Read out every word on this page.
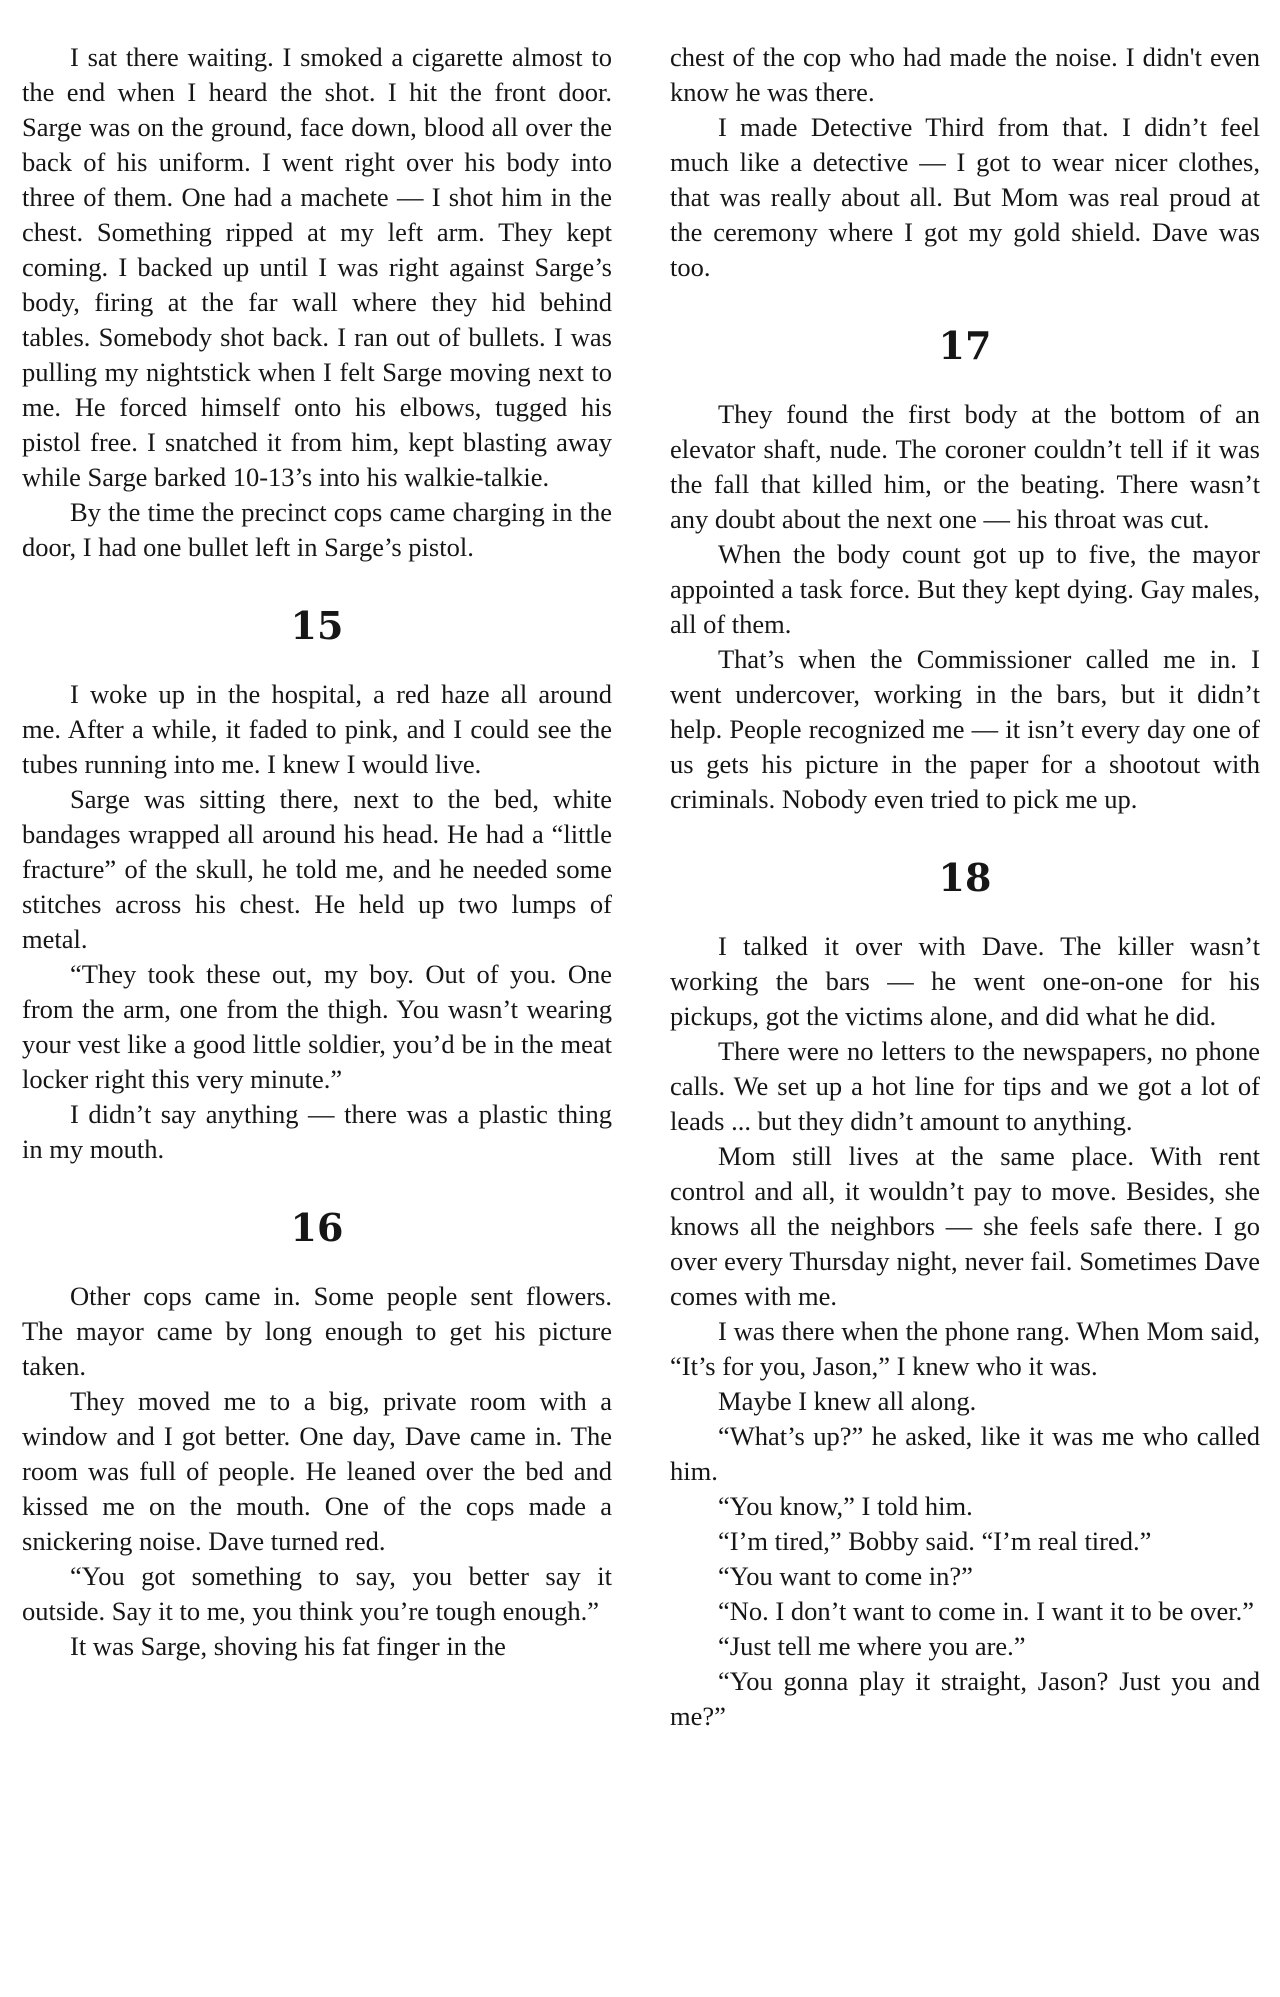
I sat there waiting. I smoked a cigarette almost to the end when I heard the shot. I hit the front door. Sarge was on the ground, face down, blood all over the back of his uniform. I went right over his body into three of them. One had a machete — I shot him in the chest. Something ripped at my left arm. They kept coming. I backed up until I was right against Sarge’s body, firing at the far wall where they hid behind tables. Somebody shot back. I ran out of bullets. I was pulling my nightstick when I felt Sarge moving next to me. He forced himself onto his elbows, tugged his pistol free. I snatched it from him, kept blasting away while Sarge barked 10-13’s into his walkie-talkie.

By the time the precinct cops came charging in the door, I had one bullet left in Sarge’s pistol.

15

I woke up in the hospital, a red haze all around me. After a while, it faded to pink, and I could see the tubes running into me. I knew I would live.

Sarge was sitting there, next to the bed, white bandages wrapped all around his head. He had a “little fracture” of the skull, he told me, and he needed some stitches across his chest. He held up two lumps of metal.

“They took these out, my boy. Out of you. One from the arm, one from the thigh. You wasn’t wearing your vest like a good little soldier, you’d be in the meat locker right this very minute.”

I didn’t say anything — there was a plastic thing in my mouth.

16

Other cops came in. Some people sent flowers. The mayor came by long enough to get his picture taken.

They moved me to a big, private room with a window and I got better. One day, Dave came in. The room was full of people. He leaned over the bed and kissed me on the mouth. One of the cops made a snickering noise. Dave turned red.

“You got something to say, you better say it outside. Say it to me, you think you’re tough enough.”

It was Sarge, shoving his fat finger in the

chest of the cop who had made the noise. I didn't even know he was there.

I made Detective Third from that. I didn’t feel much like a detective — I got to wear nicer clothes, that was really about all. But Mom was real proud at the ceremony where I got my gold shield. Dave was too.

17

They found the first body at the bottom of an elevator shaft, nude. The coroner couldn’t tell if it was the fall that killed him, or the beating. There wasn’t any doubt about the next one — his throat was cut.

When the body count got up to five, the mayor appointed a task force. But they kept dying. Gay males, all of them.

That’s when the Commissioner called me in. I went undercover, working in the bars, but it didn’t help. People recognized me — it isn’t every day one of us gets his picture in the paper for a shootout with criminals. Nobody even tried to pick me up.

18

I talked it over with Dave. The killer wasn’t working the bars — he went one-on-one for his pickups, got the victims alone, and did what he did.

There were no letters to the newspapers, no phone calls. We set up a hot line for tips and we got a lot of leads ... but they didn’t amount to anything.

Mom still lives at the same place. With rent control and all, it wouldn’t pay to move. Besides, she knows all the neighbors — she feels safe there. I go over every Thursday night, never fail. Sometimes Dave comes with me.

I was there when the phone rang. When Mom said, “It’s for you, Jason,” I knew who it was.

Maybe I knew all along.

“What’s up?” he asked, like it was me who called him.

“You know,” I told him.

“I’m tired,” Bobby said. “I’m real tired.”

“You want to come in?”

“No. I don’t want to come in. I want it to be over.”

“Just tell me where you are.”

“You gonna play it straight, Jason? Just you and me?”
